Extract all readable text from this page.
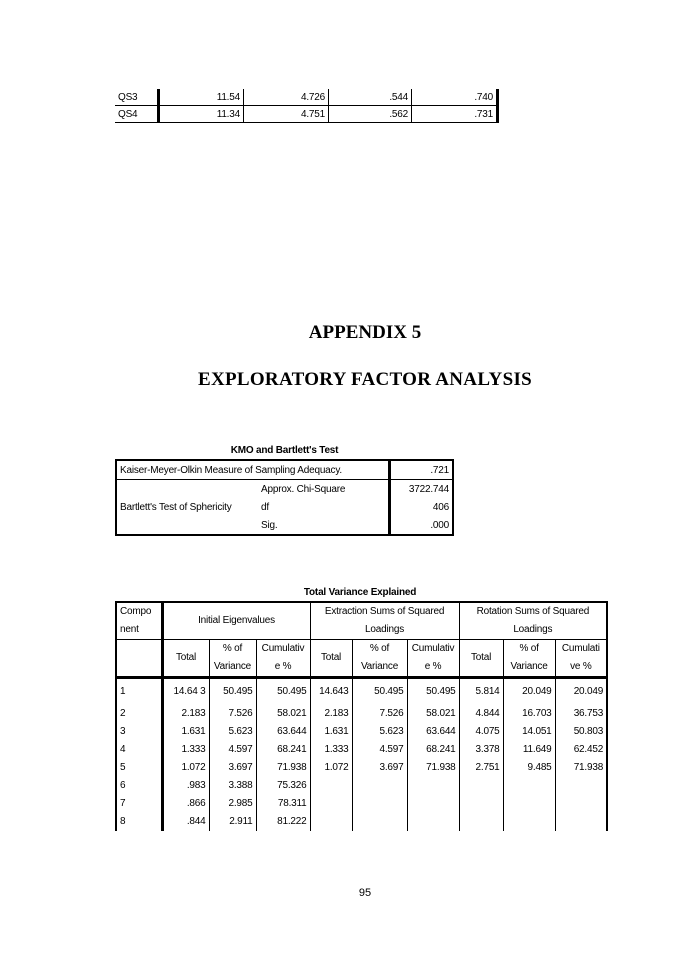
QS3	11.54	4.726	.544	.740
QS4	11.34	4.751	.562	.731
APPENDIX 5
EXPLORATORY FACTOR ANALYSIS
KMO and Bartlett's Test
Kaiser-Meyer-Olkin Measure of Sampling Adequacy.		.721
	Approx. Chi-Square	3722.744
Bartlett's Test of Sphericity	df	406
	Sig.	.000
Total Variance Explained
Compo nent	Initial Eigenvalues			Extraction Sums of Squared Loadings			Rotation Sums of Squared Loadings		
	Total	% of Variance	Cumulativ e %	Total	% of Variance	Cumulativ e %	Total	% of Variance	Cumulati ve %
1	14.64 3	50.495	50.495	14.643	50.495	50.495	5.814	20.049	20.049
2	2.183	7.526	58.021	2.183	7.526	58.021	4.844	16.703	36.753
3	1.631	5.623	63.644	1.631	5.623	63.644	4.075	14.051	50.803
4	1.333	4.597	68.241	1.333	4.597	68.241	3.378	11.649	62.452
5	1.072	3.697	71.938	1.072	3.697	71.938	2.751	9.485	71.938
6	.983	3.388	75.326						
7	.866	2.985	78.311						
8	.844	2.911	81.222						
95
